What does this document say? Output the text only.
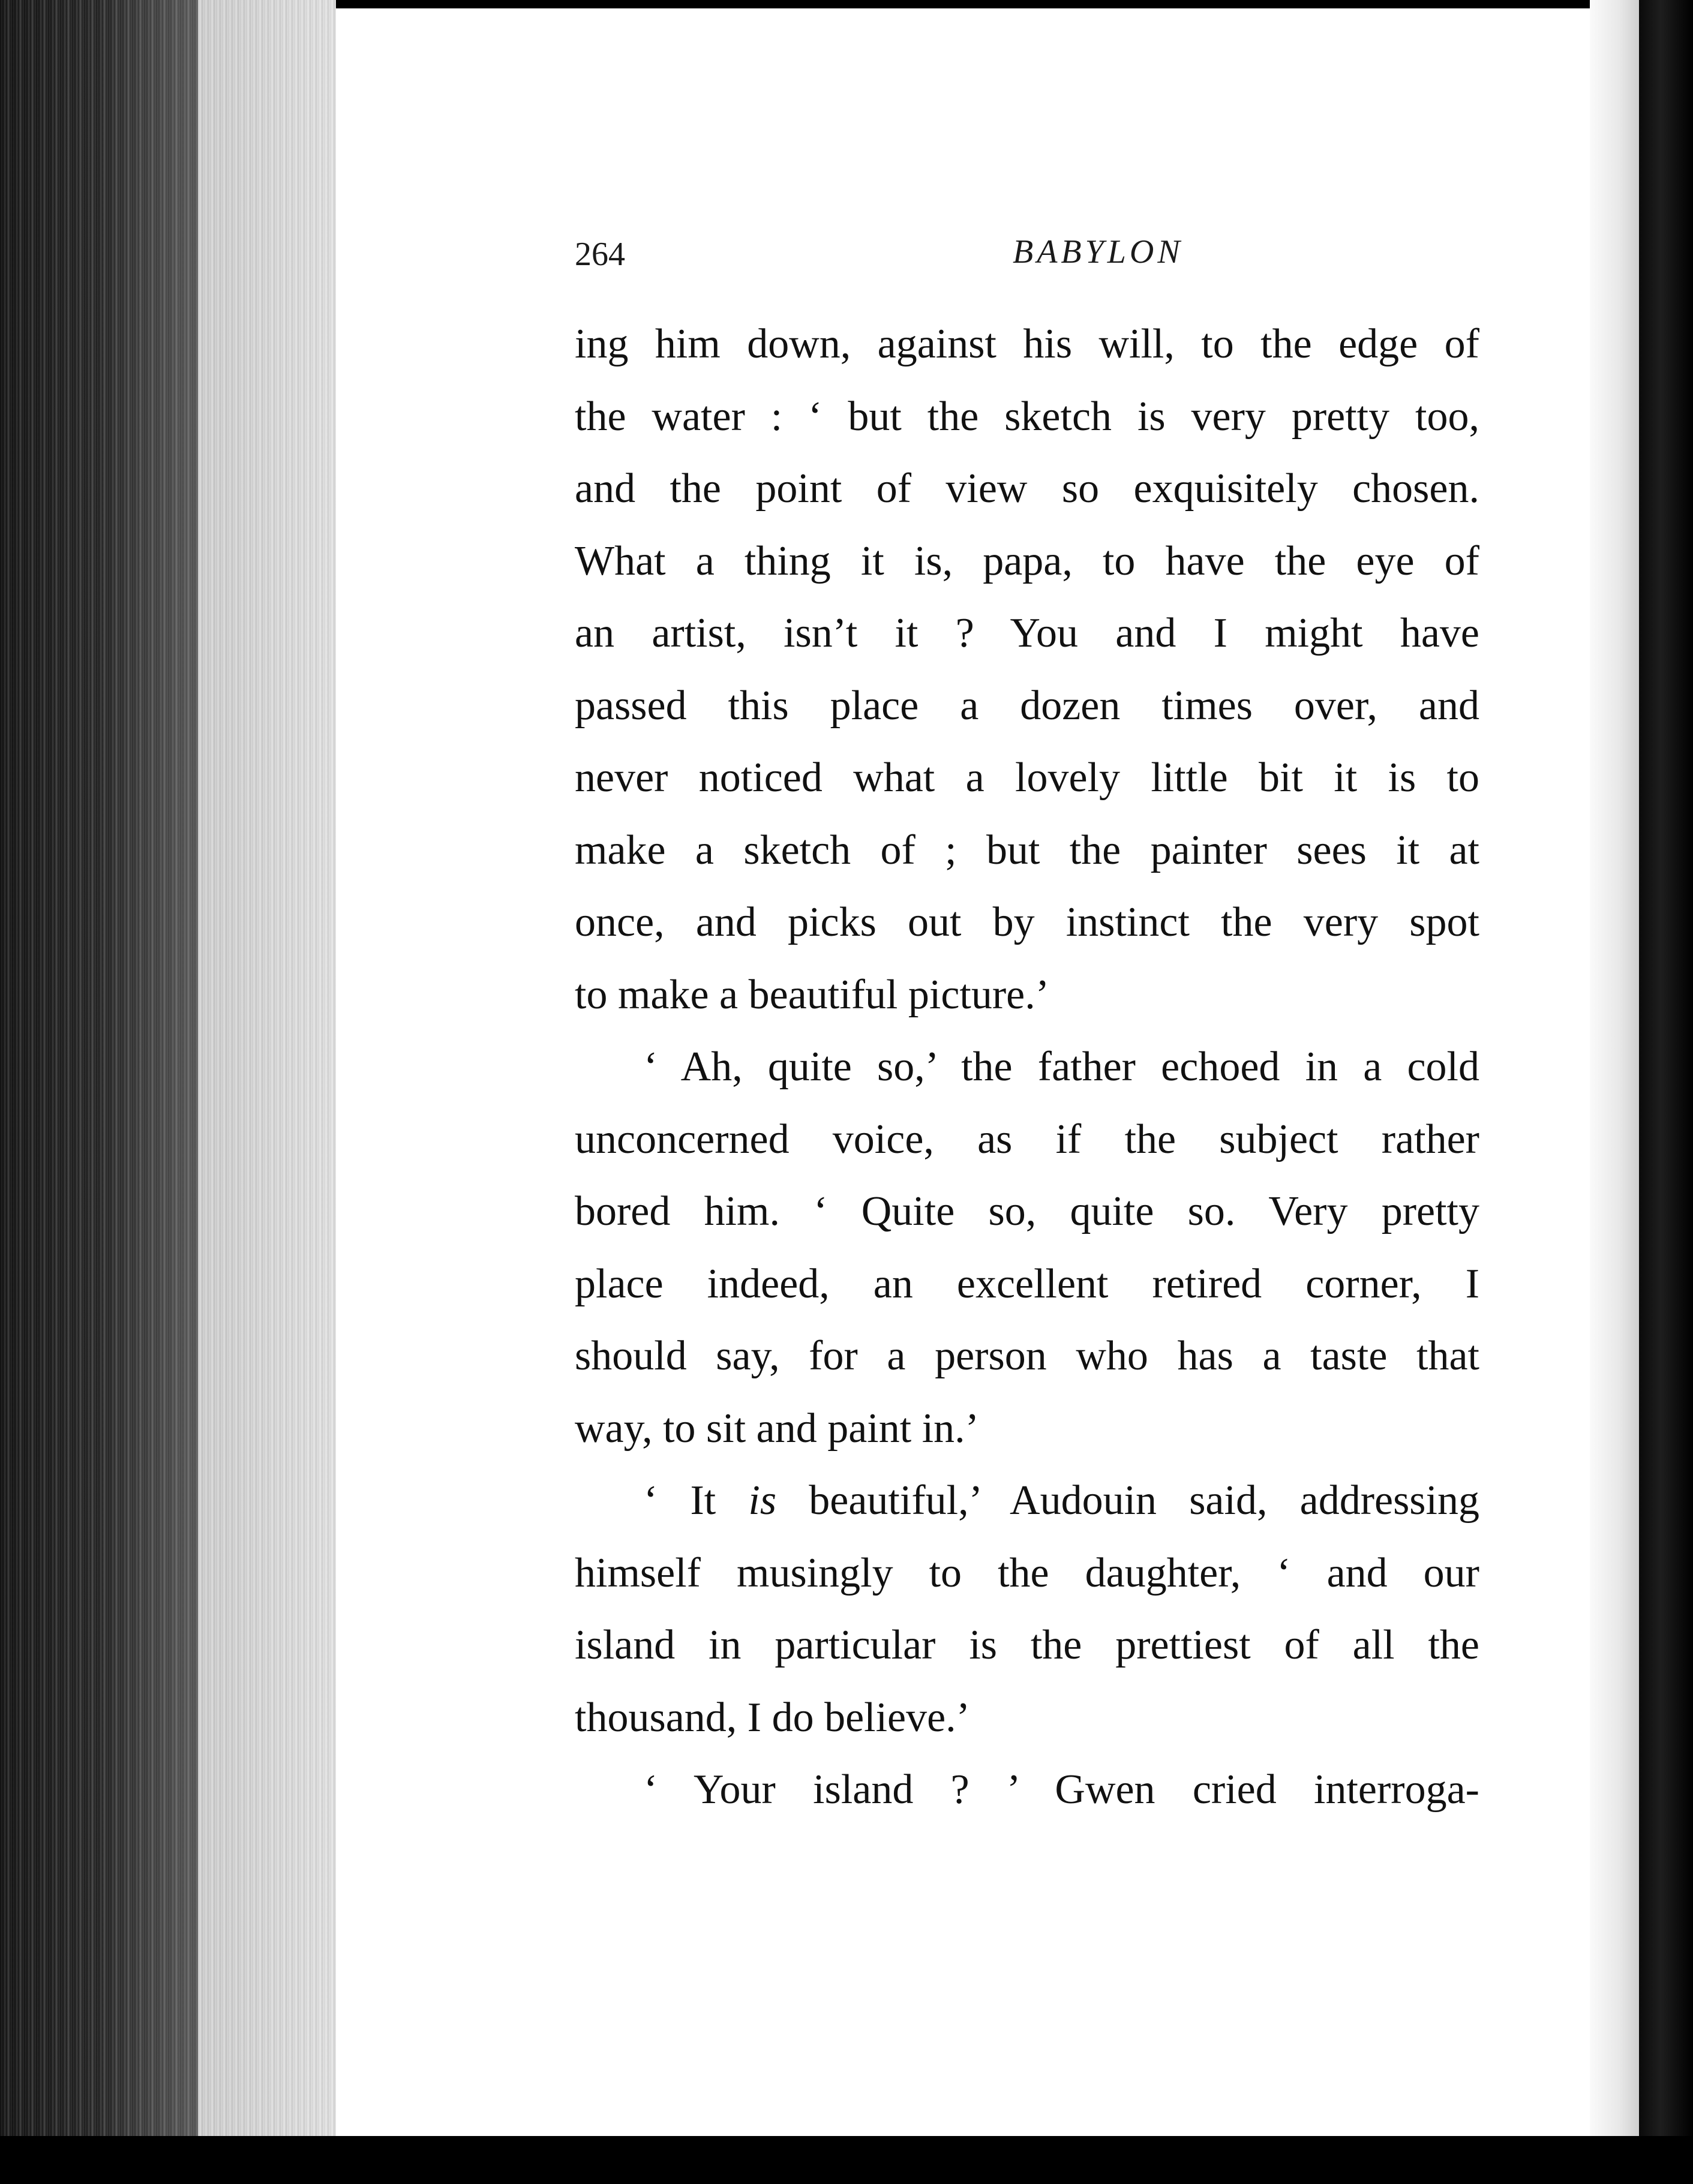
264	BABYLON
ing him down, against his will, to the edge of
the water : ‘ but the sketch is very pretty too,
and the point of view so exquisitely chosen.
What a thing it is, papa, to have the eye of
an artist, isn’t it ? You and I might have
passed this place a dozen times over, and
never noticed what a lovely little bit it is to
make a sketch of ; but the painter sees it at
once, and picks out by instinct the very spot
to make a beautiful picture.’
‘ Ah, quite so,’ the father echoed in a cold
unconcerned voice, as if the subject rather
bored him. ‘ Quite so, quite so. Very pretty
place indeed, an excellent retired corner, I
should say, for a person who has a taste that
way, to sit and paint in.’
‘ It is beautiful,’ Audouin said, addressing
himself musingly to the daughter, ‘ and our
island in particular is the prettiest of all the
thousand, I do believe.’
‘ Your island ? ’ Gwen cried interroga-
